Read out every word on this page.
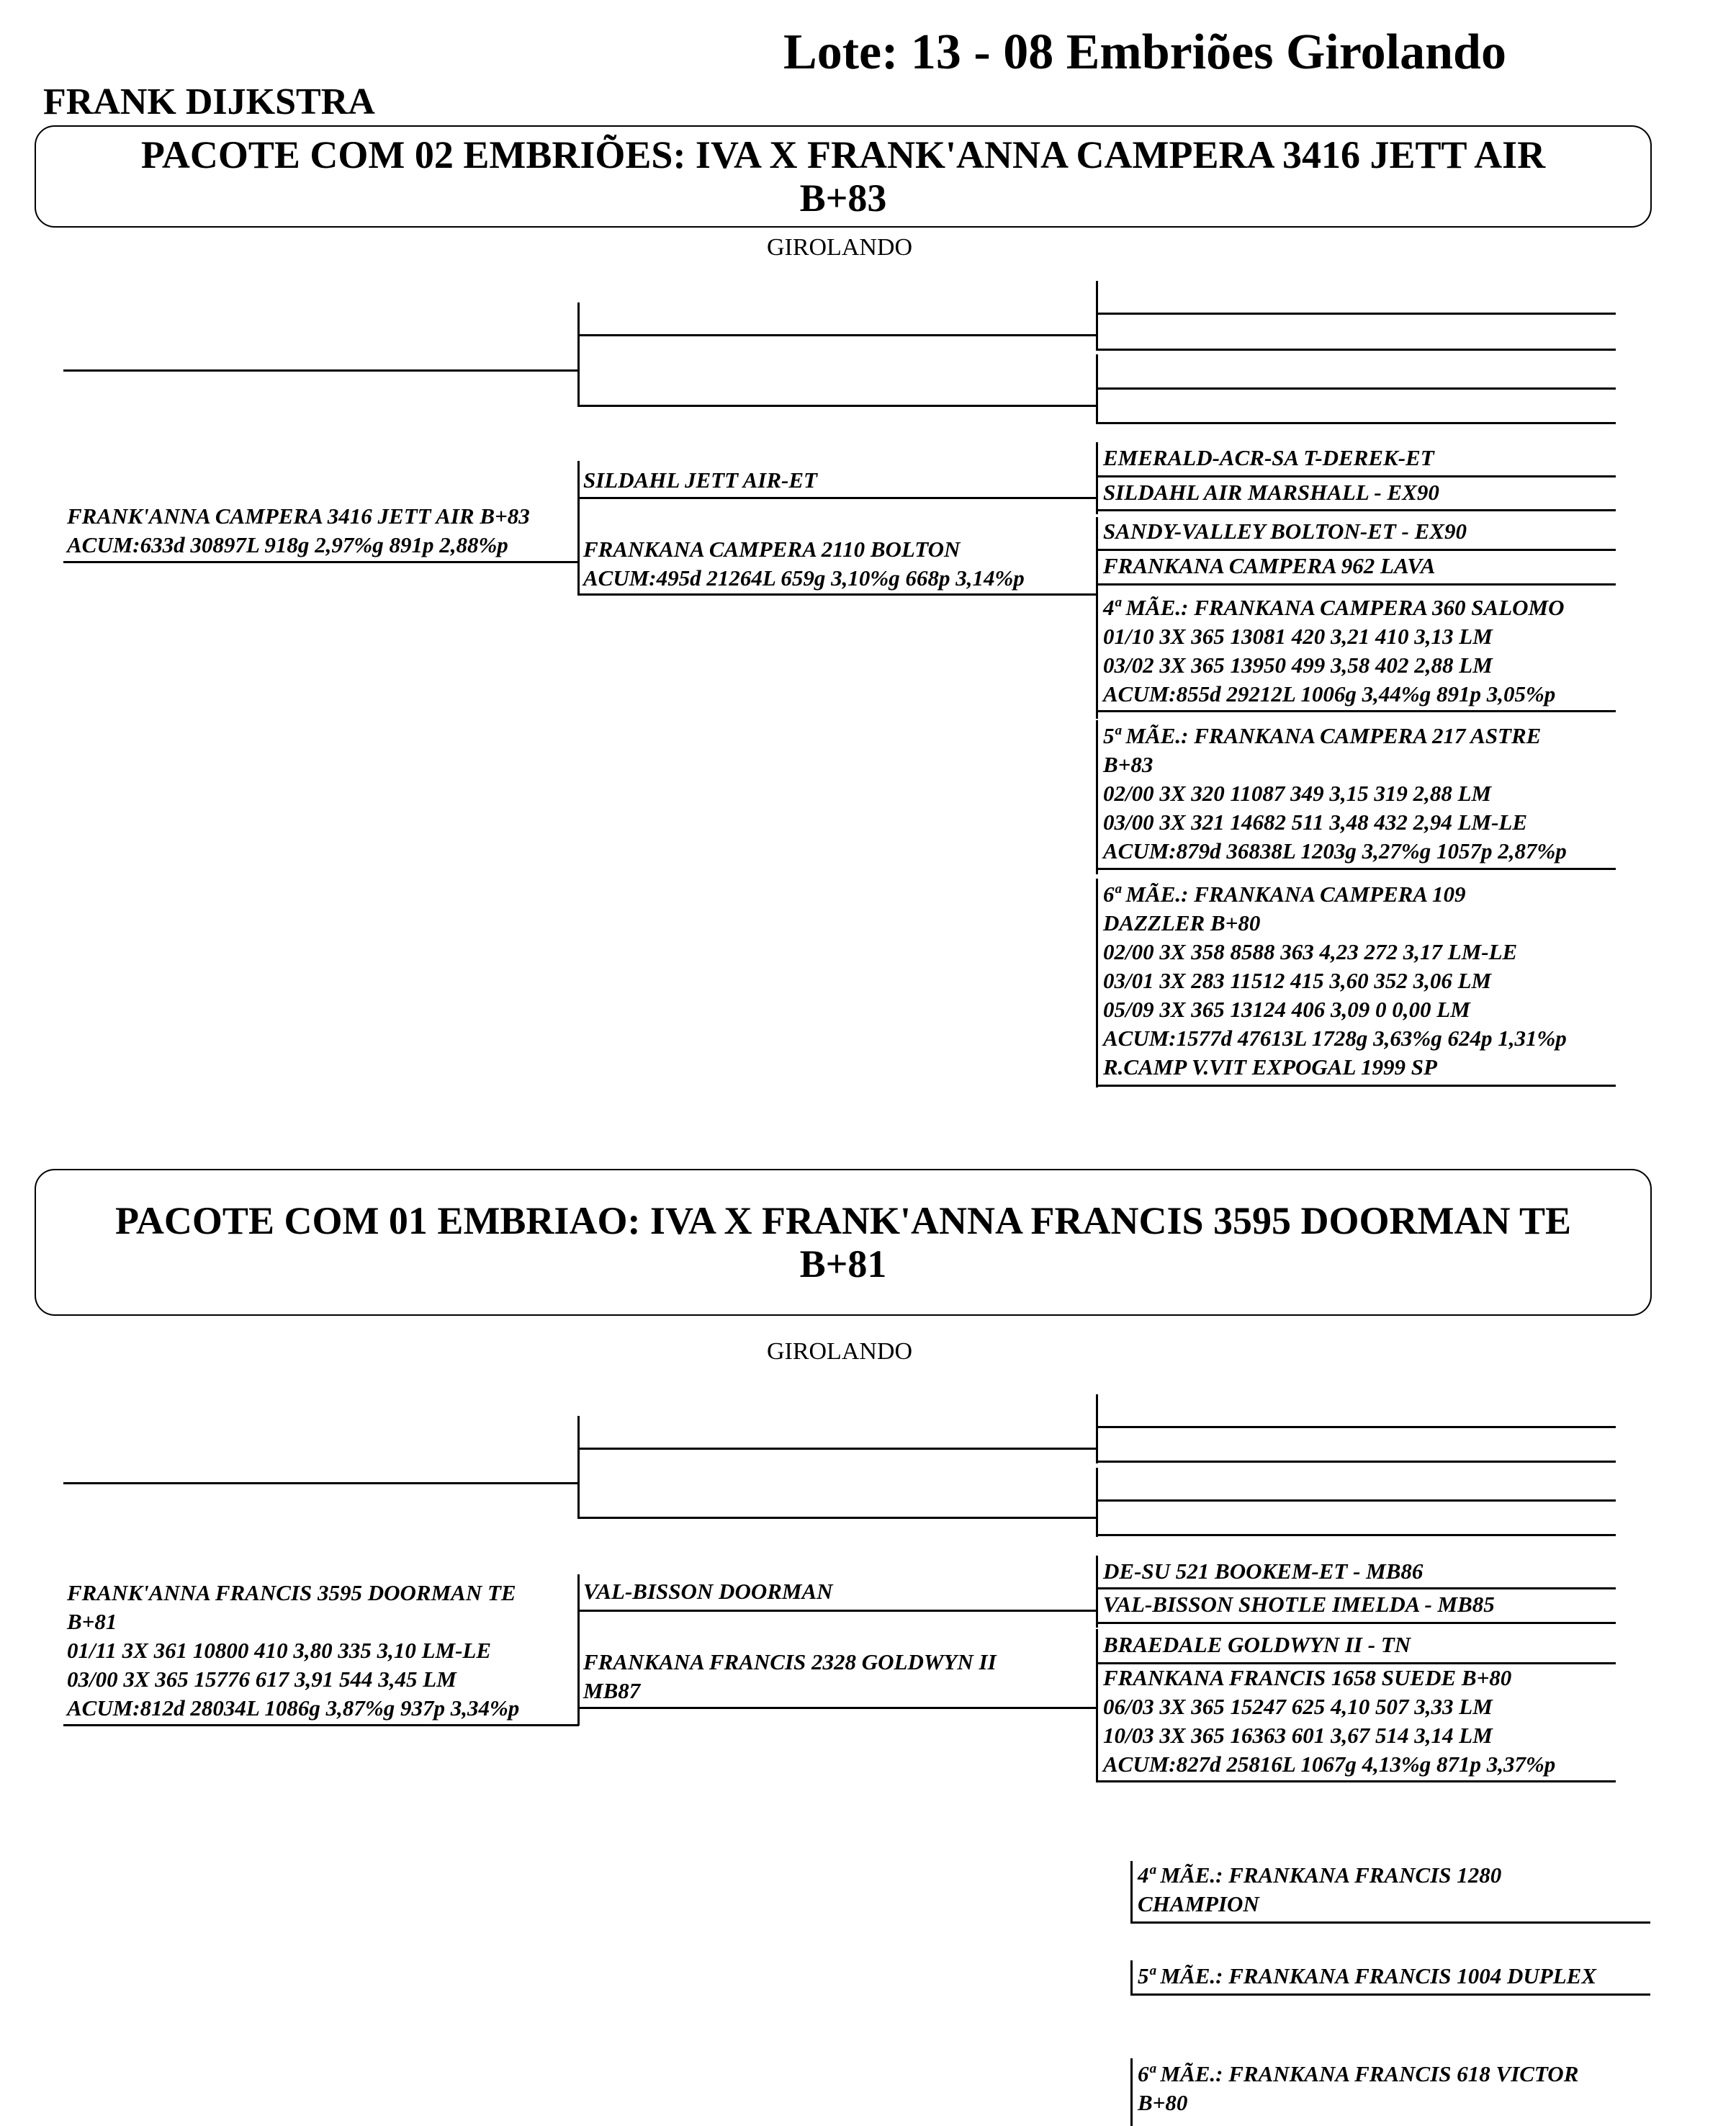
Lote: 13 - 08 Embriões Girolando
FRANK DIJKSTRA
PACOTE COM 02 EMBRIÕES: IVA X FRANK'ANNA CAMPERA 3416 JETT AIR
B+83
GIROLANDO
FRANK'ANNA CAMPERA 3416 JETT AIR B+83
ACUM:633d 30897L 918g 2,97%g 891p 2,88%p
SILDAHL JETT AIR-ET
FRANKANA CAMPERA 2110 BOLTON
ACUM:495d 21264L 659g 3,10%g 668p 3,14%p
EMERALD-ACR-SA T-DEREK-ET
SILDAHL AIR MARSHALL - EX90
SANDY-VALLEY BOLTON-ET - EX90
FRANKANA CAMPERA 962 LAVA
4ª MÃE.: FRANKANA CAMPERA 360 SALOMO
01/10 3X 365 13081 420 3,21 410 3,13 LM
03/02 3X 365 13950 499 3,58 402 2,88 LM
ACUM:855d 29212L 1006g 3,44%g 891p 3,05%p
5ª MÃE.: FRANKANA CAMPERA 217 ASTRE
B+83
02/00 3X 320 11087 349 3,15 319 2,88 LM
03/00 3X 321 14682 511 3,48 432 2,94 LM-LE
ACUM:879d 36838L 1203g 3,27%g 1057p 2,87%p
6ª MÃE.: FRANKANA CAMPERA 109
DAZZLER B+80
02/00 3X 358 8588 363 4,23 272 3,17 LM-LE
03/01 3X 283 11512 415 3,60 352 3,06 LM
05/09 3X 365 13124 406 3,09 0 0,00 LM
ACUM:1577d 47613L 1728g 3,63%g 624p 1,31%p
R.CAMP V.VIT EXPOGAL 1999 SP
PACOTE COM 01 EMBRIAO: IVA X FRANK'ANNA FRANCIS 3595 DOORMAN TE
B+81
GIROLANDO
FRANK'ANNA FRANCIS 3595 DOORMAN TE
B+81
01/11 3X 361 10800 410 3,80 335 3,10 LM-LE
03/00 3X 365 15776 617 3,91 544 3,45 LM
ACUM:812d 28034L 1086g 3,87%g 937p 3,34%p
VAL-BISSON DOORMAN
FRANKANA FRANCIS 2328 GOLDWYN II
MB87
DE-SU 521 BOOKEM-ET - MB86
VAL-BISSON SHOTLE IMELDA - MB85
BRAEDALE GOLDWYN II - TN
FRANKANA FRANCIS 1658 SUEDE B+80
06/03 3X 365 15247 625 4,10 507 3,33 LM
10/03 3X 365 16363 601 3,67 514 3,14 LM
ACUM:827d 25816L 1067g 4,13%g 871p 3,37%p
4ª MÃE.: FRANKANA FRANCIS 1280
CHAMPION
5ª MÃE.: FRANKANA FRANCIS 1004 DUPLEX
6ª MÃE.: FRANKANA FRANCIS 618 VICTOR
B+80
